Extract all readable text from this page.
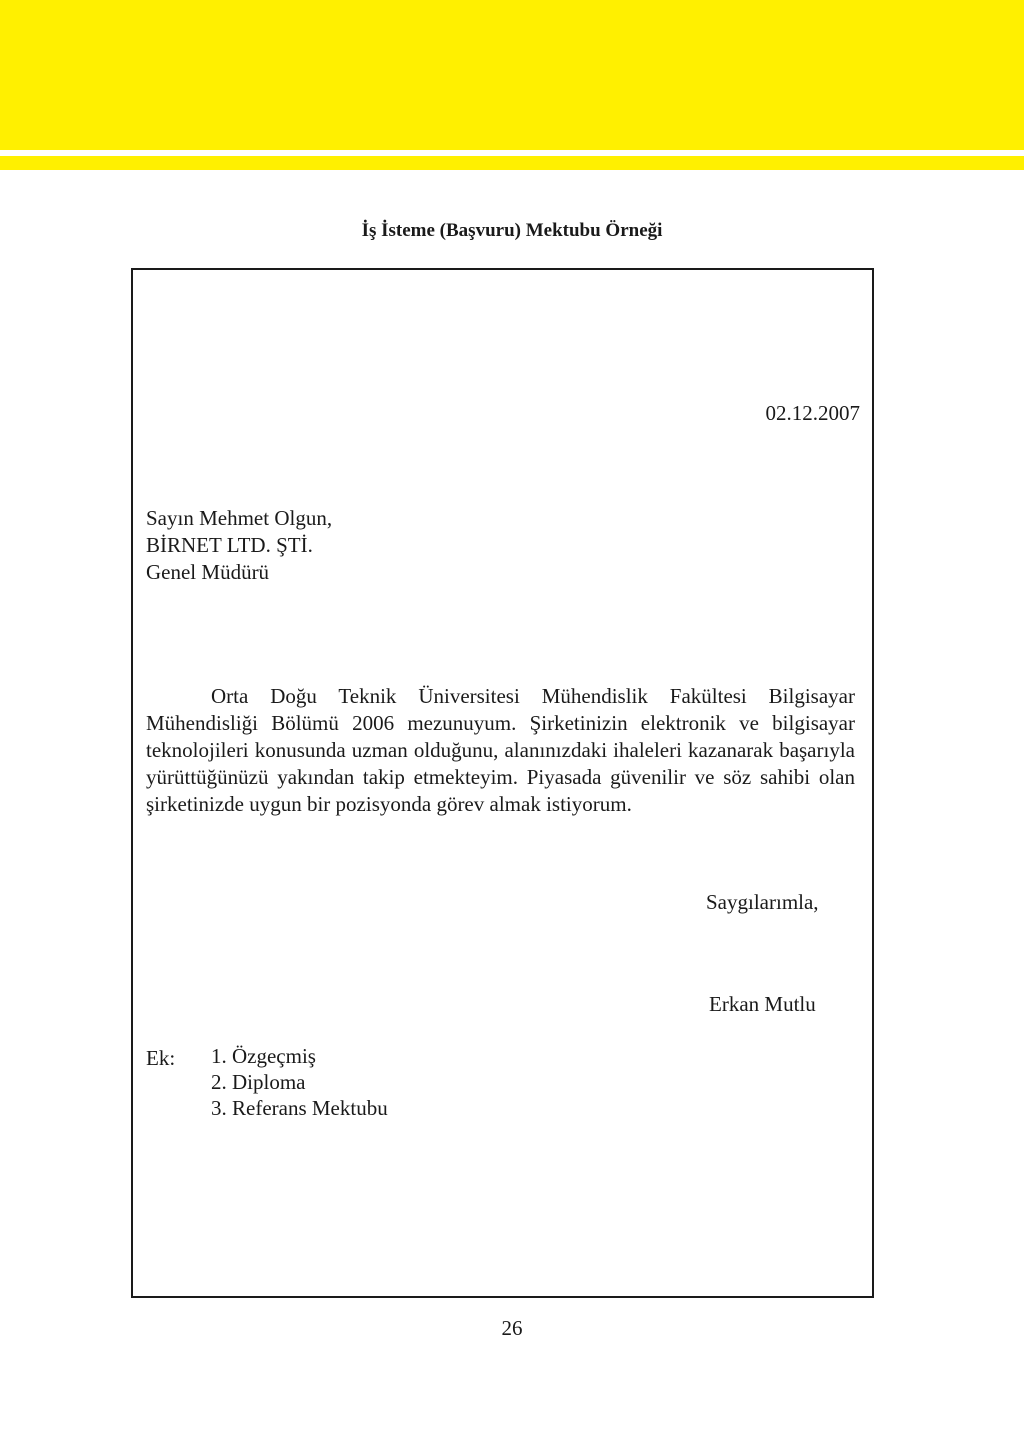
İş İsteme (Başvuru) Mektubu Örneği
02.12.2007
Sayın Mehmet Olgun,
BİRNET LTD. ŞTİ.
Genel Müdürü
Orta Doğu Teknik Üniversitesi Mühendislik Fakültesi Bilgisayar Mühendisliği Bölümü 2006 mezunuyum. Şirketinizin elektronik ve bilgisayar teknolojileri konusunda uzman olduğunu, alanınızdaki ihaleleri kazanarak başarıyla yürüttüğünüzü yakından takip etmekteyim. Piyasada güvenilir ve söz sahibi olan şirketinizde uygun bir pozisyonda görev almak istiyorum.
Saygılarımla,
Erkan Mutlu
Ek: 1. Özgeçmiş
2. Diploma
3. Referans Mektubu
26
